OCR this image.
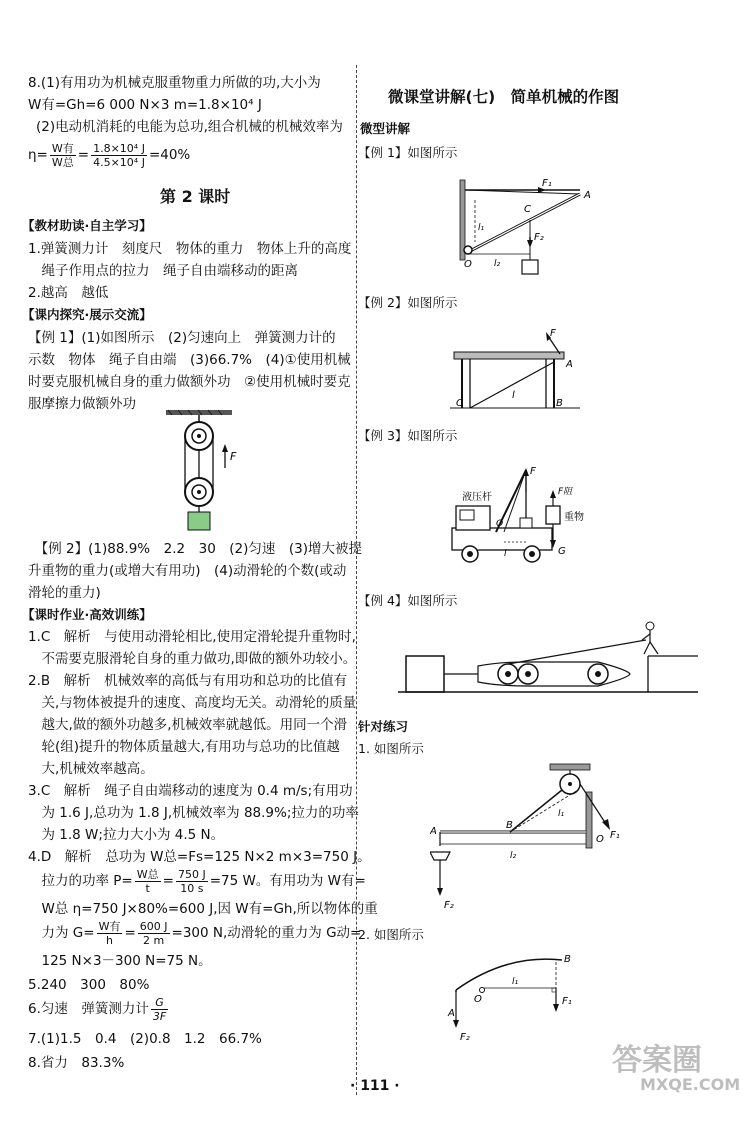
8.(1)有用功为机械克服重物重力所做的功,大小为
W有=Gh=6 000 N×3 m=1.8×10⁴ J
(2)电动机消耗的电能为总功,组合机械的机械效率为
$\eta= \frac{\text{W有}}{\text{W总}} = \frac{\text{1.8×10⁴ J}}{\text{4.5×10⁴ J}} =40\%$
第 2 课时
【教材助读·自主学习】
1.弹簧测力计　刻度尺　物体的重力　物体上升的高度
　绳子作用点的拉力　绳子自由端移动的距离
2.越高　越低
【课内探究·展示交流】
【例 1】(1)如图所示　(2)匀速向上　弹簧测力计的
示数　物体　绳子自由端　(3)66.7%　(4)①使用机械
时要克服机械自身的重力做额外功　②使用机械时要克
服摩擦力做额外功
F
　【例 2】(1)88.9%　2.2　30　(2)匀速　(3)增大被提
升重物的重力(或增大有用功)　(4)动滑轮的个数(或动
滑轮的重力)
【课时作业·高效训练】
1.C　解析　与使用动滑轮相比,使用定滑轮提升重物时,
　不需要克服滑轮自身的重力做功,即做的额外功较小。
2.B　解析　机械效率的高低与有用功和总功的比值有
　关,与物体被提升的速度、高度均无关。动滑轮的质量
　越大,做的额外功越多,机械效率就越低。用同一个滑
　轮(组)提升的物体质量越大,有用功与总功的比值越
　大,机械效率越高。
3.C　解析　绳子自由端移动的速度为 0.4 m/s;有用功
　为 1.6 J,总功为 1.8 J,机械效率为 88.9%;拉力的功率
　为 1.8 W;拉力大小为 4.5 N。
4.D　解析　总功为 W总=Fs=125 N×2 m×3=750 J。
　拉力的功率 $P= \frac{\text{W总}}{t} = \frac{750 J}{10 s} =75$ W。有用功为 W有=
　W总 η=750 J×80%=600 J,因 W有=Gh,所以物体的重
　力为 $G= \frac{\text{W有}}{h} = \frac{600 J}{2 m} =300$ N,动滑轮的重力为 G动=
　125 N×3－300 N=75 N。
5.240　300　80%
6.匀速　弹簧测力计 $\frac{G}{3F}$
7.(1)1.5　0.4　(2)0.8　1.2　66.7%
8.省力　83.3%
微课堂讲解(七)　简单机械的作图
微型讲解
【例 1】如图所示
F₁
A
C
l₁
F₂
O l₂
【例 2】如图所示
F
A
C
l
B
【例 3】如图所示
F
液压杆	F阻
重物
O
l	G
【例 4】如图所示
针对练习
1. 如图所示
l₁
O F₁
A
B
l₂
F₂
2. 如图所示
B
O
l₁
F₁
A
F₂
· 111 ·
答案圈
MXQE.COM
